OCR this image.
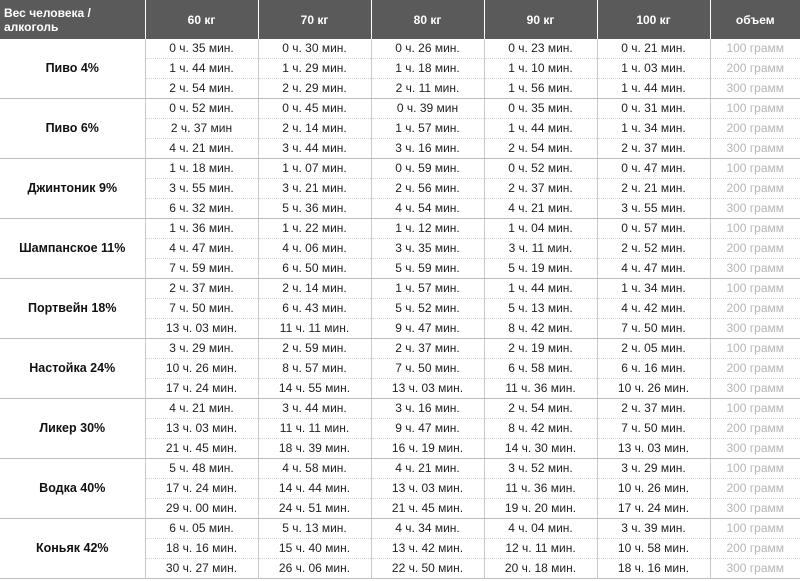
Вес человека / алкоголь	60 кг	70 кг	80 кг	90 кг	100 кг	объем
Пиво 4%	0 ч. 35 мин.	0 ч. 30 мин.	0 ч. 26 мин.	0 ч. 23 мин.	0 ч. 21 мин.	100 грамм
	1 ч. 44 мин.	1 ч. 29 мин.	1 ч. 18 мин.	1 ч. 10 мин.	1 ч. 03 мин.	200 грамм
	2 ч. 54 мин.	2 ч. 29 мин.	2 ч. 11 мин.	1 ч. 56 мин.	1 ч. 44 мин.	300 грамм
Пиво 6%	0 ч. 52 мин.	0 ч. 45 мин.	0 ч. 39 мин	0 ч. 35 мин.	0 ч. 31 мин.	100 грамм
	2 ч. 37 мин	2 ч. 14 мин.	1 ч. 57 мин.	1 ч. 44 мин.	1 ч. 34 мин.	200 грамм
	4 ч. 21 мин.	3 ч. 44 мин.	3 ч. 16 мин.	2 ч. 54 мин.	2 ч. 37 мин.	300 грамм
Джинтоник 9%	1 ч. 18 мин.	1 ч. 07 мин.	0 ч. 59 мин.	0 ч. 52 мин.	0 ч. 47 мин.	100 грамм
	3 ч. 55 мин.	3 ч. 21 мин.	2 ч. 56 мин.	2 ч. 37 мин.	2 ч. 21 мин.	200 грамм
	6 ч. 32 мин.	5 ч. 36 мин.	4 ч. 54 мин.	4 ч. 21 мин.	3 ч. 55 мин.	300 грамм
Шампанское 11%	1 ч. 36 мин.	1 ч. 22 мин.	1 ч. 12 мин.	1 ч. 04 мин.	0 ч. 57 мин.	100 грамм
	4 ч. 47 мин.	4 ч. 06 мин.	3 ч. 35 мин.	3 ч. 11 мин.	2 ч. 52 мин.	200 грамм
	7 ч. 59 мин.	6 ч. 50 мин.	5 ч. 59 мин.	5 ч. 19 мин.	4 ч. 47 мин.	300 грамм
Портвейн 18%	2 ч. 37 мин.	2 ч. 14 мин.	1 ч. 57 мин.	1 ч. 44 мин.	1 ч. 34 мин.	100 грамм
	7 ч. 50 мин.	6 ч. 43 мин.	5 ч. 52 мин.	5 ч. 13 мин.	4 ч. 42 мин.	200 грамм
	13 ч. 03 мин.	11 ч. 11 мин.	9 ч. 47 мин.	8 ч. 42 мин.	7 ч. 50 мин.	300 грамм
Настойка 24%	3 ч. 29 мин.	2 ч. 59 мин.	2 ч. 37 мин.	2 ч. 19 мин.	2 ч. 05 мин.	100 грамм
	10 ч. 26 мин.	8 ч. 57 мин.	7 ч. 50 мин.	6 ч. 58 мин.	6 ч. 16 мин.	200 грамм
	17 ч. 24 мин.	14 ч. 55 мин.	13 ч. 03 мин.	11 ч. 36 мин.	10 ч. 26 мин.	300 грамм
Ликер 30%	4 ч. 21 мин.	3 ч. 44 мин.	3 ч. 16 мин.	2 ч. 54 мин.	2 ч. 37 мин.	100 грамм
	13 ч. 03 мин.	11 ч. 11 мин.	9 ч. 47 мин.	8 ч. 42 мин.	7 ч. 50 мин.	200 грамм
	21 ч. 45 мин.	18 ч. 39 мин.	16 ч. 19 мин.	14 ч. 30 мин.	13 ч. 03 мин.	300 грамм
Водка 40%	5 ч. 48 мин.	4 ч. 58 мин.	4 ч. 21 мин.	3 ч. 52 мин.	3 ч. 29 мин.	100 грамм
	17 ч. 24 мин.	14 ч. 44 мин.	13 ч. 03 мин.	11 ч. 36 мин.	10 ч. 26 мин.	200 грамм
	29 ч. 00 мин.	24 ч. 51 мин.	21 ч. 45 мин.	19 ч. 20 мин.	17 ч. 24 мин.	300 грамм
Коньяк 42%	6 ч. 05 мин.	5 ч. 13 мин.	4 ч. 34 мин.	4 ч. 04 мин.	3 ч. 39 мин.	100 грамм
	18 ч. 16 мин.	15 ч. 40 мин.	13 ч. 42 мин.	12 ч. 11 мин.	10 ч. 58 мин.	200 грамм
	30 ч. 27 мин.	26 ч. 06 мин.	22 ч. 50 мин.	20 ч. 18 мин.	18 ч. 16 мин.	300 грамм
